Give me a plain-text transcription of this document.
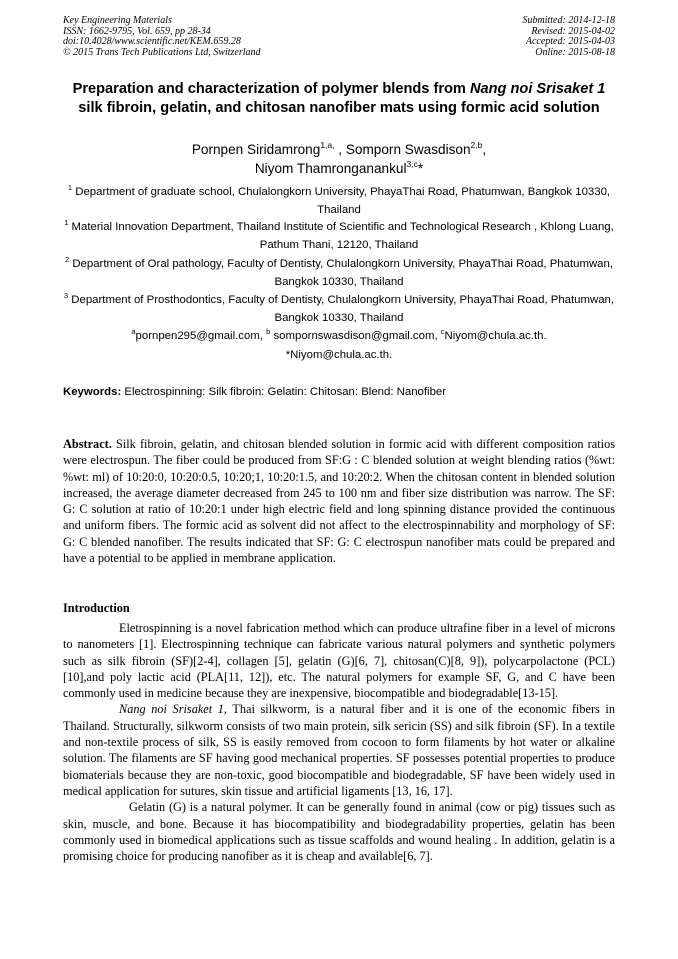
Key Engineering Materials
ISSN: 1662-9795, Vol. 659, pp 28-34
doi:10.4028/www.scientific.net/KEM.659.28
© 2015 Trans Tech Publications Ltd, Switzerland
Submitted: 2014-12-18
Revised: 2015-04-02
Accepted: 2015-04-03
Online: 2015-08-18
Preparation and characterization of polymer blends from Nang noi Srisaket 1 silk fibroin, gelatin, and chitosan nanofiber mats using formic acid solution
Pornpen Siridamrong$^{1,a,}$ , Somporn Swasdison$^{2,b}$,
Niyom Thamronganankul$^{3,c}$*
$^1$ Department of graduate school, Chulalongkorn University, PhayaThai Road, Phatumwan, Bangkok 10330, Thailand
$^1$ Material Innovation Department, Thailand Institute of Scientific and Technological Research , Khlong Luang, Pathum Thani, 12120, Thailand
$^2$ Department of Oral pathology, Faculty of Dentisty, Chulalongkorn University, PhayaThai Road, Phatumwan, Bangkok 10330, Thailand
$^3$ Department of Prosthodontics, Faculty of Dentisty, Chulalongkorn University, PhayaThai Road, Phatumwan, Bangkok 10330, Thailand
$^a$pornpen295@gmail.com, $^b$ sompornswasdison@gmail.com, $^c$Niyom@chula.ac.th.
*Niyom@chula.ac.th.
Keywords: Electrospinning: Silk fibroin: Gelatin: Chitosan: Blend: Nanofiber
Abstract. Silk fibroin, gelatin, and chitosan blended solution in formic acid with different composition ratios were electrospun. The fiber could be produced from SF:G : C blended solution at weight blending ratios (%wt: %wt: ml) of 10:20:0, 10:20:0.5, 10:20;1, 10:20:1.5, and 10:20:2. When the chitosan content in blended solution increased, the average diameter decreased from 245 to 100 nm and fiber size distribution was narrow. The SF: G: C solution at ratio of 10:20:1 under high electric field and long spinning distance provided the continuous and uniform fibers. The formic acid as solvent did not affect to the electrospinnability and morphology of SF: G: C blended nanofiber. The results indicated that SF: G: C electrospun nanofiber mats could be prepared and have a potential to be applied in membrane application.
Introduction
Eletrospinning is a novel fabrication method which can produce ultrafine fiber in a level of microns to nanometers [1]. Electrospinning technique can fabricate various natural polymers and synthetic polymers such as silk fibroin (SF)[2-4], collagen [5], gelatin (G)[6, 7], chitosan(C)[8, 9]), polycarpolactone (PCL) [10],and poly lactic acid (PLA[11, 12]), etc. The natural polymers for example SF, G, and C have been commonly used in medicine because they are inexpensive, biocompatible and biodegradable[13-15].
Nang noi Srisaket 1, Thai silkworm, is a natural fiber and it is one of the economic fibers in Thailand. Structurally, silkworm consists of two main protein, silk sericin (SS) and silk fibroin (SF). In a textile and non-textile process of silk, SS is easily removed from cocoon to form filaments by hot water or alkaline solution. The filaments are SF having good mechanical properties. SF possesses potential properties to produce biomaterials because they are non-toxic, good biocompatible and biodegradable, SF have been widely used in medical application for sutures, skin tissue and artificial ligaments [13, 16, 17].
Gelatin (G) is a natural polymer. It can be generally found in animal (cow or pig) tissues such as skin, muscle, and bone. Because it has biocompatibility and biodegradability properties, gelatin has been commonly used in biomedical applications such as tissue scaffolds and wound healing . In addition, gelatin is a promising choice for producing nanofiber as it is cheap and available[6, 7].
